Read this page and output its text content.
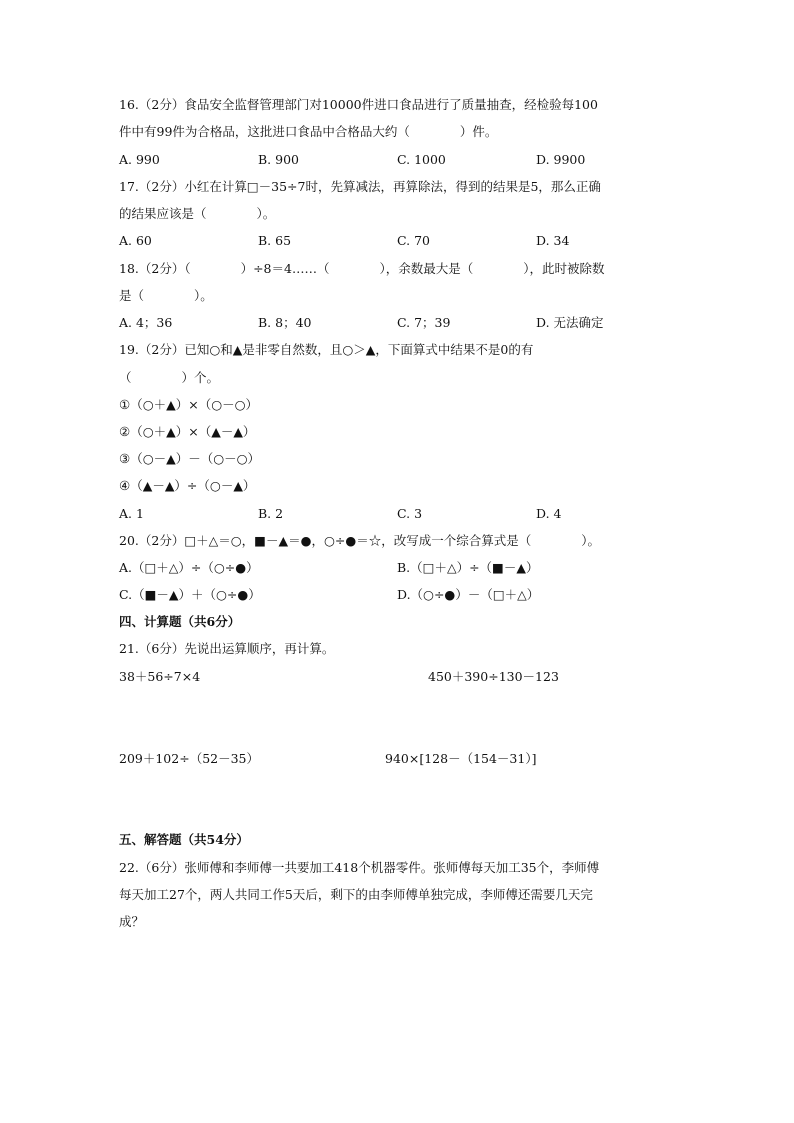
16.（2分）食品安全监督管理部门对10000件进口食品进行了质量抽查，经检验每100
件中有99件为合格品，这批进口食品中合格品大约（　　　　）件。
A. 990	B. 900	C. 1000	D. 9900
17.（2分）小红在计算□－35÷7时，先算减法，再算除法，得到的结果是5，那么正确
的结果应该是（　　　　）。
A. 60	B. 65	C. 70	D. 34
18.（2分）（　　　　）÷8＝4……（　　　　），余数最大是（　　　　），此时被除数
是（　　　　）。
A. 4；36	B. 8；40	C. 7；39	D. 无法确定
19.（2分）已知○和▲是非零自然数，且○＞▲，下面算式中结果不是0的有
（　　　　）个。
①（○＋▲）×（○－○）
②（○＋▲）×（▲－▲）
③（○－▲）－（○－○）
④（▲－▲）÷（○－▲）
A. 1	B. 2	C. 3	D. 4
20.（2分）□＋△＝○，■－▲＝●，○÷●＝☆，改写成一个综合算式是（　　　　）。
A.（□＋△）÷（○÷●）	B.（□＋△）÷（■－▲）
C.（■－▲）＋（○÷●）	D.（○÷●）－（□＋△）
四、计算题（共6分）
21.（6分）先说出运算顺序，再计算。
38＋56÷7×4	450＋390÷130－123
209＋102÷（52－35）	940×[128－（154－31）]
五、解答题（共54分）
22.（6分）张师傅和李师傅一共要加工418个机器零件。张师傅每天加工35个，李师傅
每天加工27个，两人共同工作5天后，剩下的由李师傅单独完成，李师傅还需要几天完
成？
